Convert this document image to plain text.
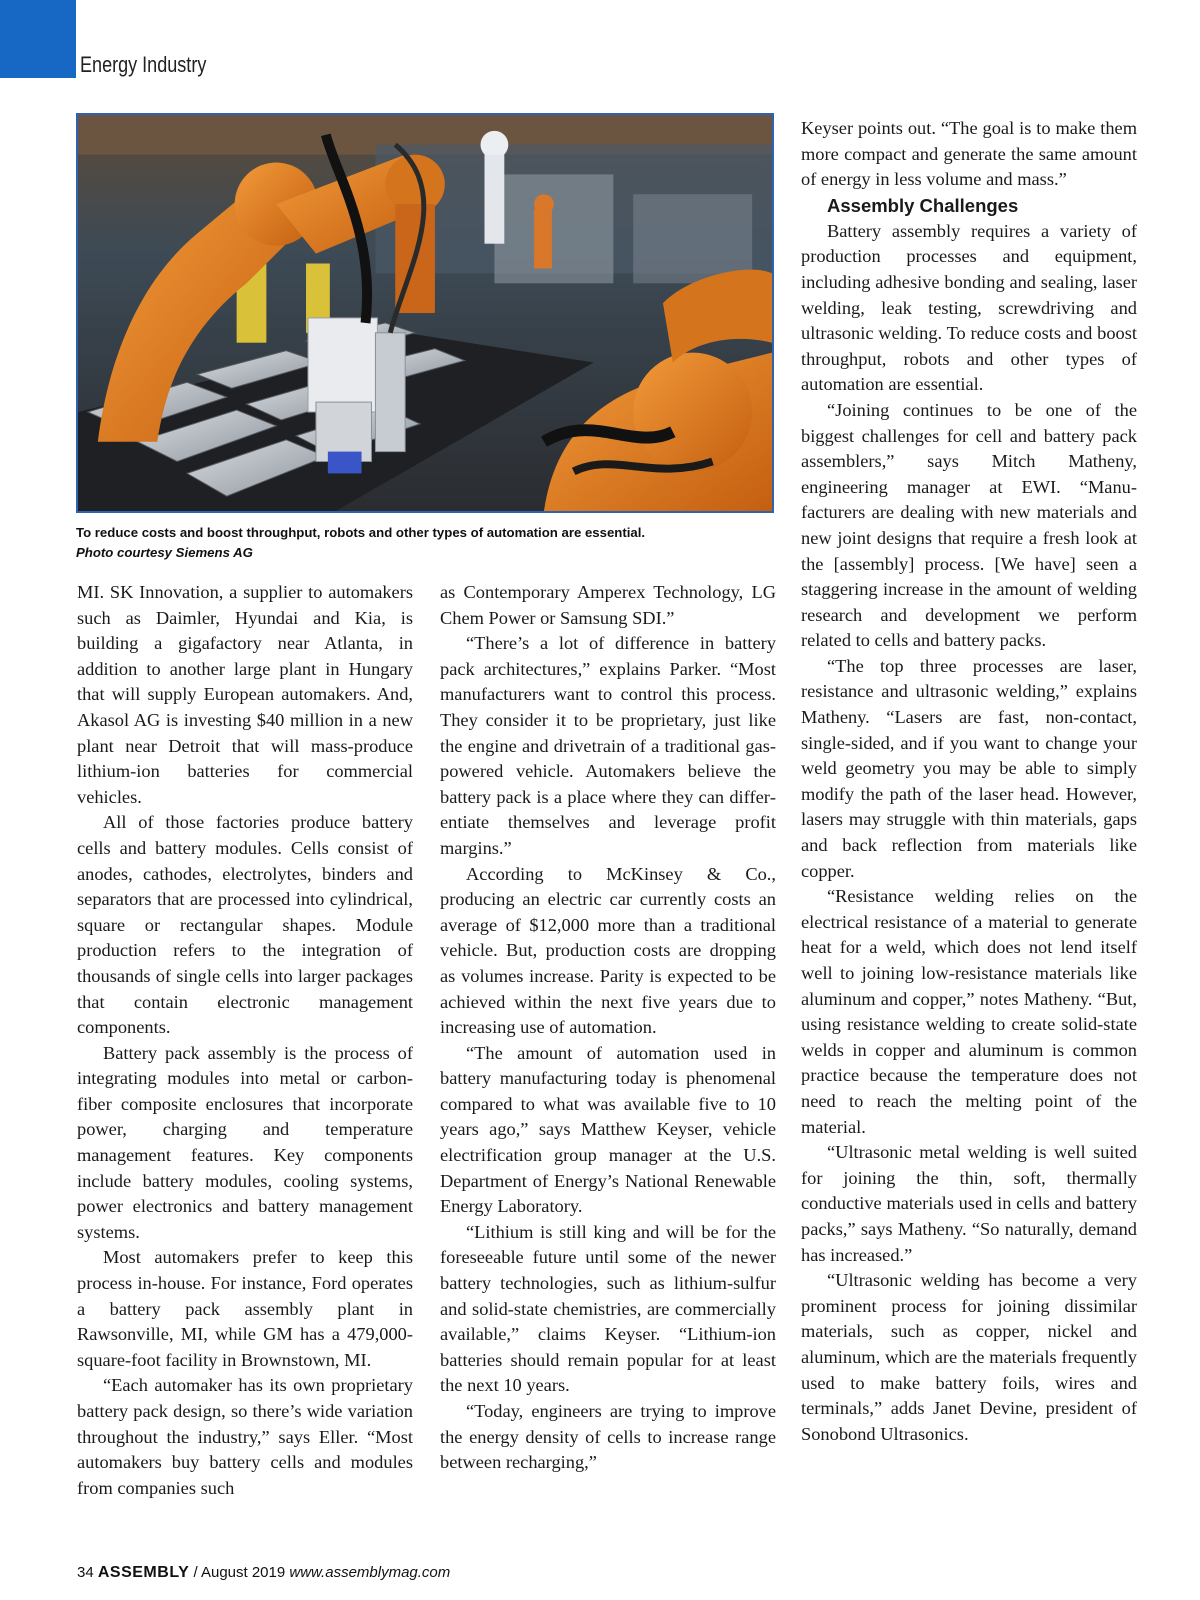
Energy Industry
To reduce costs and boost throughput, robots and other types of automation are essential.
Photo courtesy Siemens AG

MI. SK Innovation, a supplier to automakers such as Daimler, Hyundai and Kia, is building a gigafactory near Atlanta, in addition to another large plant in Hungary that will supply European automakers. And, Akasol AG is investing $40 million in a new plant near Detroit that will mass-produce lithium-ion batteries for commercial vehicles.

All of those factories produce battery cells and battery modules. Cells consist of anodes, cathodes, electrolytes, binders and separators that are processed into cylindrical, square or rectangular shapes. Module production refers to the integration of thousands of single cells into larger packages that contain electronic management components.

Battery pack assembly is the process of integrating modules into metal or carbon-fiber composite enclosures that incorporate power, charging and temperature management features. Key components include battery modules, cooling systems, power electronics and battery management systems.

Most automakers prefer to keep this process in-house. For instance, Ford operates a battery pack assembly plant in Rawsonville, MI, while GM has a 479,000-square-foot facility in Brownstown, MI.

“Each automaker has its own proprietary battery pack design, so there’s wide variation throughout the industry,” says Eller. “Most automakers buy battery cells and modules from companies such

as Contemporary Amperex Technology, LG Chem Power or Samsung SDI.”

“There’s a lot of difference in battery pack architectures,” explains Parker. “Most manufacturers want to control this process. They consider it to be proprietary, just like the engine and drivetrain of a traditional gas-powered vehicle. Automakers believe the battery pack is a place where they can differentiate themselves and leverage profit margins.”

According to McKinsey & Co., producing an electric car currently costs an average of $12,000 more than a traditional vehicle. But, production costs are dropping as volumes increase. Parity is expected to be achieved within the next five years due to increasing use of automation.

“The amount of automation used in battery manufacturing today is phenomenal compared to what was available five to 10 years ago,” says Matthew Keyser, vehicle electrification group manager at the U.S. Department of Energy’s National Renewable Energy Laboratory.

“Lithium is still king and will be for the foreseeable future until some of the newer battery technologies, such as lithium-sulfur and solid-state chemistries, are commercially available,” claims Keyser. “Lithium-ion batteries should remain popular for at least the next 10 years.

“Today, engineers are trying to improve the energy density of cells to increase range between recharging,”

Keyser points out. “The goal is to make them more compact and generate the same amount of energy in less volume and mass.”

Assembly Challenges

Battery assembly requires a variety of production processes and equipment, including adhesive bonding and sealing, laser welding, leak testing, screwdriving and ultrasonic welding. To reduce costs and boost throughput, robots and other types of automation are essential.

“Joining continues to be one of the biggest challenges for cell and battery pack assemblers,” says Mitch Matheny, engineering manager at EWI. “Manufacturers are dealing with new materials and new joint designs that require a fresh look at the [assembly] process. [We have] seen a staggering increase in the amount of welding research and development we perform related to cells and battery packs.

“The top three processes are laser, resistance and ultrasonic welding,” explains Matheny. “Lasers are fast, non-contact, single-sided, and if you want to change your weld geometry you may be able to simply modify the path of the laser head. However, lasers may struggle with thin materials, gaps and back reflection from materials like copper.

“Resistance welding relies on the electrical resistance of a material to generate heat for a weld, which does not lend itself well to joining low-resistance materials like aluminum and copper,” notes Matheny. “But, using resistance welding to create solid-state welds in copper and aluminum is common practice because the temperature does not need to reach the melting point of the material.

“Ultrasonic metal welding is well suited for joining the thin, soft, thermally conductive materials used in cells and battery packs,” says Matheny. “So naturally, demand has increased.”

“Ultrasonic welding has become a very prominent process for joining dissimilar materials, such as copper, nickel and aluminum, which are the materials frequently used to make battery foils, wires and terminals,” adds Janet Devine, president of Sonobond Ultrasonics.

34 ASSEMBLY / August 2019 www.assemblymag.com
